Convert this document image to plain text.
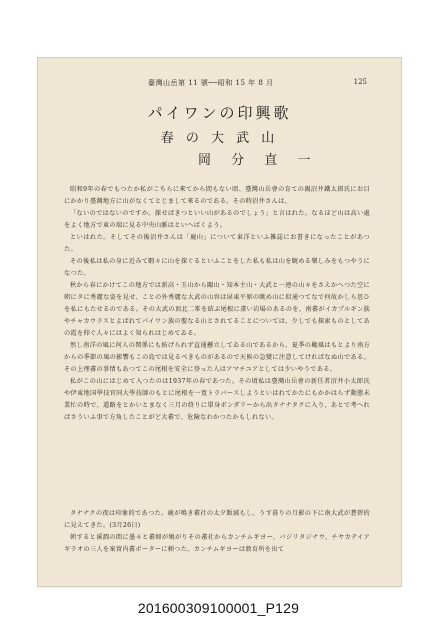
臺灣山岳第 11 號──昭和 15 年 8 月	125
パイワンの印興歌
春 の 大 武 山
岡 分 直 一

昭和9年の春でもつたか私がこちらに來てから間もない頃、臺灣山岳會の育ての親沼井鐵太郎氏にお目にかかり臺灣地方に山がなくてとじまして來るのである。その時沼井さんは、

「ないのではないのですか。探せばきつといい山があるのでしょう」と言はれた。なるほど山は高い處をよく地方で東の端に見る中央山脈はといへばくよう。

といはれた。そしてその後沼井さんは「鹿山」について東洋といふ雑誌にお書きになったことがあつた。

その後私は私の身に近みて暇々に山を探ぐるといふことをした私も私は山を眺める樂しみをもつやうになつた。

秋から春にかけてこの地方では新高・玉山から關山・知本主山・大武と一連の山々をさえかへつた空に朝にタに秀麗な姿を見せ、ことの外秀麗な大武の山容は屏東平原の眺め山に似通つてなで何故かしら思ひを私にもたせるのである。その大武の頂北二峯を結ぶ尾根に畫い岩場のあるのを、南蕃がイカプルギン族やチャカウラスとよばれてパイワン族の聖なる山とされてることについては、少しでも探索ものとしてあの霞を仰ぐ人々にはよく知られはじめてゐる。

然し南洋の風に何人の関係にも紡げられず直通懸立してゐる山であるから、夏季の颱風はもとより南方からの季節の風の影響もこの島では見るべきものがあるので天候の急變に注意してければなぬ山である。その上理蕃の事情もあつてこの尾根を安全に登った人はアマチユアとしては少いやうである。

私がこの山にはじめて入つたのは1937年の春であつた。その頃私は臺灣山岳會の新任者沼井小太郎氏や伊東地国學技官同大學技師のもとに尾根を一寛トラバースしようといはれてかたにもかかはらず動態未業忙の時で、道路をとかいとまなく三月の終りに單身ボンダリーから出タナナタクに入り、あとで考へればさういふ事で方角したことがど大蕃で、危險なわかつたかもしれない。

タナナクの夜は印象的であつた。鹿が鳴き蕃社の太夕飯減もし、うす暮りの月影の下に南大武が蒼碧的に見えてきた。(3月26日)

朝すると溪澗の間に墨々と蕃婦が鳩がりその蕃社からカンチムギヨー、バジリタジナウ、チヤカテイアギラオの三人を案實内蕃ボーターに頼つた。カンチムギヨーは敦育所を出て

201600309100001_P129
